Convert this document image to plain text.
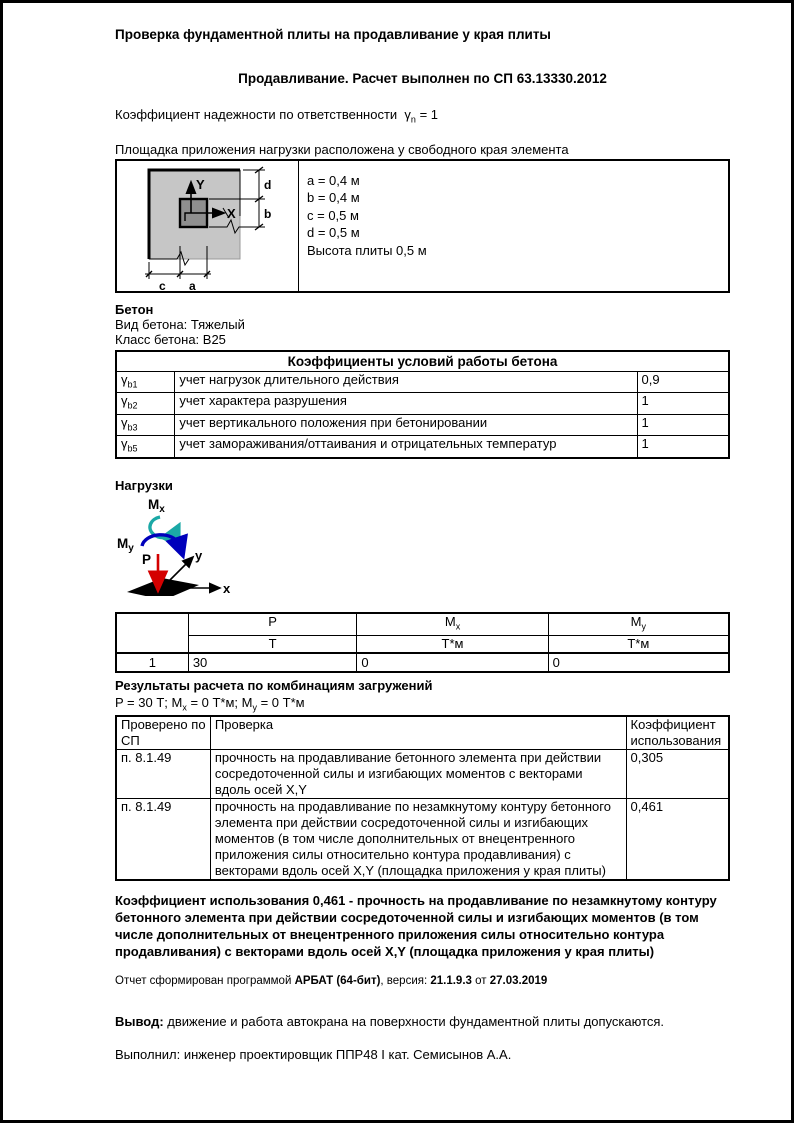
Проверка фундаментной плиты на продавливание у края плиты
Продавливание. Расчет выполнен по СП 63.13330.2012
Коэффициент надежности по ответственности $\gamma_n = 1$
Площадка приложения нагрузки расположена у свободного края элемента
Y
X
d
b
c a
a = 0,4 м
b = 0,4 м
c = 0,5 м
d = 0,5 м
Высота плиты 0,5 м
Бетон
Вид бетона: Тяжелый
Класс бетона: B25
Коэффициенты условий работы бетона		
$\gamma_{b1}$	учет нагрузок длительного действия	0,9
$\gamma_{b2}$	учет характера разрушения	1
$\gamma_{b3}$	учет вертикального положения при бетонировании	1
$\gamma_{b5}$	учет замораживания/оттаивания и отрицательных температур	1
Нагрузки
$M_x$
$M_y$
P	y
x
	P	$M_x$	$M_y$
	Т	Т*м	Т*м
1	30	0	0
Результаты расчета по комбинациям загружений
P = 30 Т; $M_x = 0$ Т*м; $M_y = 0$ Т*м
Проверено по СП	Проверка	Коэффициент использования
п. 8.1.49	прочность на продавливание бетонного элемента при действии сосредоточенной силы и изгибающих моментов с векторами вдоль осей X,Y	0,305
п. 8.1.49	прочность на продавливание по незамкнутому контуру бетонного элемента при действии сосредоточенной силы и изгибающих моментов (в том числе дополнительных от внецентренного приложения силы относительно контура продавливания) с векторами вдоль осей X,Y (площадка приложения у края плиты)	0,461
Коэффициент использования 0,461 - прочность на продавливание по незамкнутому контуру бетонного элемента при действии сосредоточенной силы и изгибающих моментов (в том числе дополнительных от внецентренного приложения силы относительно контура продавливания) с векторами вдоль осей X,Y (площадка приложения у края плиты)
Отчет сформирован программой АРБАТ (64-бит), версия: 21.1.9.3 от 27.03.2019
Вывод: движение и работа автокрана на поверхности фундаментной плиты допускаются.
Выполнил: инженер проектировщик ППР48 I кат. Семисынов А.А.
